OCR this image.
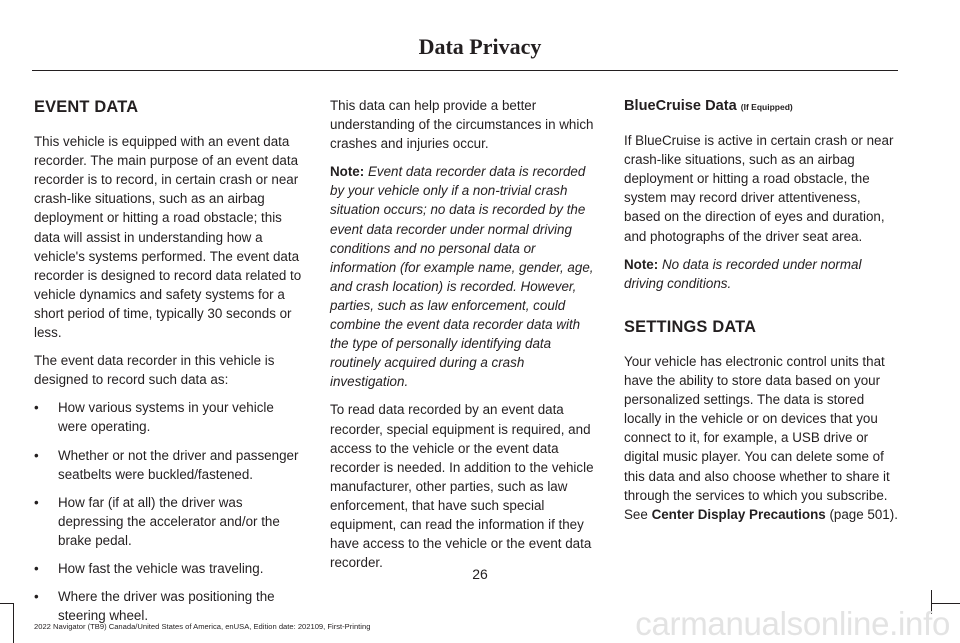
Data Privacy
EVENT DATA

This vehicle is equipped with an event data recorder. The main purpose of an event data recorder is to record, in certain crash or near crash-like situations, such as an airbag deployment or hitting a road obstacle; this data will assist in understanding how a vehicle's systems performed. The event data recorder is designed to record data related to vehicle dynamics and safety systems for a short period of time, typically 30 seconds or less.

The event data recorder in this vehicle is designed to record such data as:

• How various systems in your vehicle were operating.
• Whether or not the driver and passenger seatbelts were buckled/fastened.
• How far (if at all) the driver was depressing the accelerator and/or the brake pedal.
• How fast the vehicle was traveling.
• Where the driver was positioning the steering wheel.

This data can help provide a better understanding of the circumstances in which crashes and injuries occur.

Note: Event data recorder data is recorded by your vehicle only if a non-trivial crash situation occurs; no data is recorded by the event data recorder under normal driving conditions and no personal data or information (for example name, gender, age, and crash location) is recorded. However, parties, such as law enforcement, could combine the event data recorder data with the type of personally identifying data routinely acquired during a crash investigation.

To read data recorded by an event data recorder, special equipment is required, and access to the vehicle or the event data recorder is needed. In addition to the vehicle manufacturer, other parties, such as law enforcement, that have such special equipment, can read the information if they have access to the vehicle or the event data recorder.

BlueCruise Data (If Equipped)

If BlueCruise is active in certain crash or near crash-like situations, such as an airbag deployment or hitting a road obstacle, the system may record driver attentiveness, based on the direction of eyes and duration, and photographs of the driver seat area.

Note: No data is recorded under normal driving conditions.

SETTINGS DATA

Your vehicle has electronic control units that have the ability to store data based on your personalized settings. The data is stored locally in the vehicle or on devices that you connect to it, for example, a USB drive or digital music player. You can delete some of this data and also choose whether to share it through the services to which you subscribe. See Center Display Precautions (page 501).

26
2022 Navigator (TB9) Canada/United States of America, enUSA, Edition date: 202109, First-Printing	carmanualsonline.info
